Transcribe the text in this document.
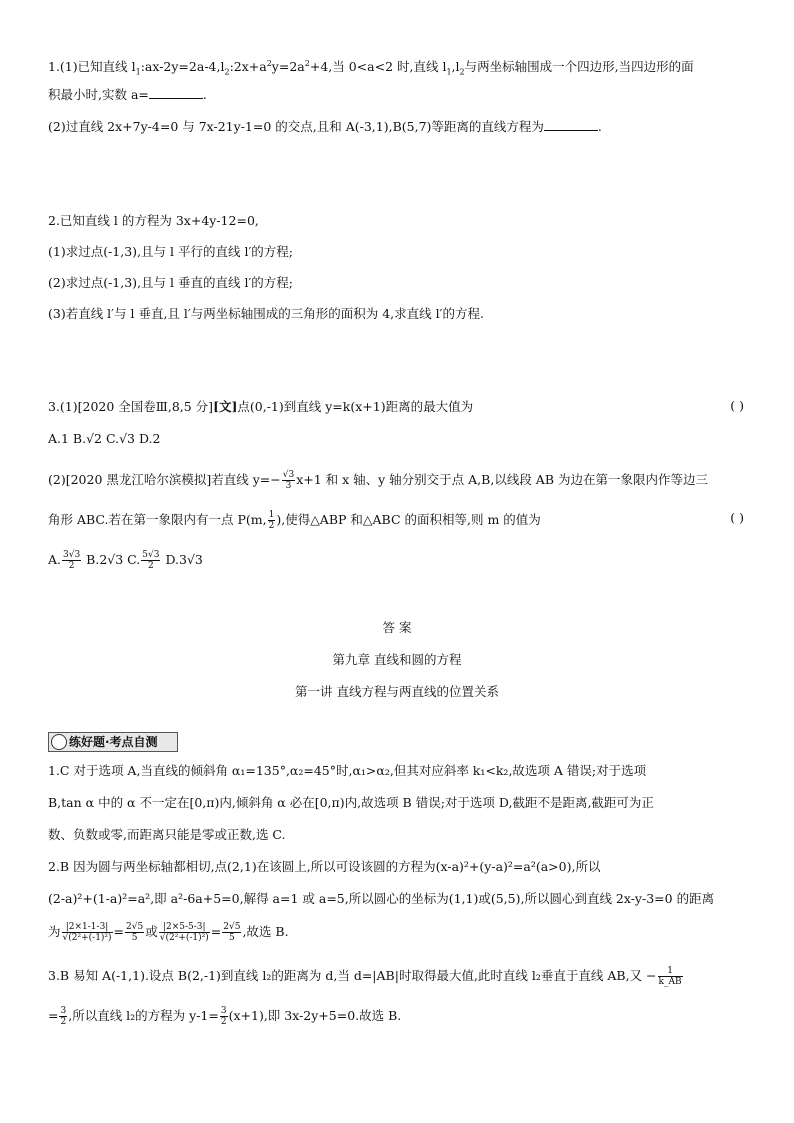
1.(1)已知直线 $l_1:ax-2y=2a-4,l_2:2x+a^2y=2a^2+4$,当 0<a<2 时,直线 $l_1,l_2$与两坐标轴围成一个四边形,当四边形的面
积最小时,实数 a=	.
(2)过直线 2x+7y-4=0 与 7x-21y-1=0 的交点,且和 A(-3,1),B(5,7)等距离的直线方程为	.
2.已知直线 l 的方程为 3x+4y-12=0,
(1)求过点(-1,3),且与 l 平行的直线 l′的方程;
(2)求过点(-1,3),且与 l 垂直的直线 l′的方程;
(3)若直线 l′与 l 垂直,且 l′与两坐标轴围成的三角形的面积为 4,求直线 l′的方程.
3.(1)[2020 全国卷Ⅲ,8,5 分][文]点(0,-1)到直线 y=k(x+1)距离的最大值为	( )
A.1 B.√2 C.√3 D.2
(2)[2020 黑龙江哈尔滨模拟]若直线 $y=- \frac{√3}{3} x+1$ 和 x 轴、y 轴分别交于点 A,B,以线段 AB 为边在第一象限内作等边三
角形 ABC.若在第一象限内有一点 P(m, $\frac{1}{2}$ ),使得△ABP 和△ABC 的面积相等,则 m 的值为	( )
A. $\frac{3√3}{2} B.2√3$ C. $\frac{5√3}{2} D.3√3$
答 案
第九章 直线和圆的方程
第一讲 直线方程与两直线的位置关系
练好题·考点自测
1.C 对于选项 A,当直线的倾斜角 α₁=135°,α₂=45°时,α₁>α₂,但其对应斜率 k₁<k₂,故选项 A 错误;对于选项
B,tan α 中的 α 不一定在[0,π)内,倾斜角 α 必在[0,π)内,故选项 B 错误;对于选项 D,截距不是距离,截距可为正
数、负数或零,而距离只能是零或正数,选 C.
2.B 因为圆与两坐标轴都相切,点(2,1)在该圆上,所以可设该圆的方程为(x-a)²+(y-a)²=a²(a>0),所以
(2-a)²+(1-a)²=a²,即 a²-6a+5=0,解得 a=1 或 a=5,所以圆心的坐标为(1,1)或(5,5),所以圆心到直线 2x-y-3=0 的距离
为 $\frac{|2\times 1-1-3|}{\text{√(2²+(-1)²)}} = \frac{2√5}{5}$ 或 $\frac{|2\times 5-5-3|}{\text{√(2²+(-1)²)}} = \frac{2√5}{5}$ ,故选 B.
3.B 易知 A(-1,1).设点 B(2,-1)到直线 l₂的距离为 d,当 d=|AB|时取得最大值,此时直线 l₂垂直于直线 AB,又 − $\frac{1}{k\_AB}$
= $\frac{3}{2}$ ,所以直线 l₂的方程为 $y-1= \frac{3}{2} (x+1)$,即 3x-2y+5=0.故选 B.
